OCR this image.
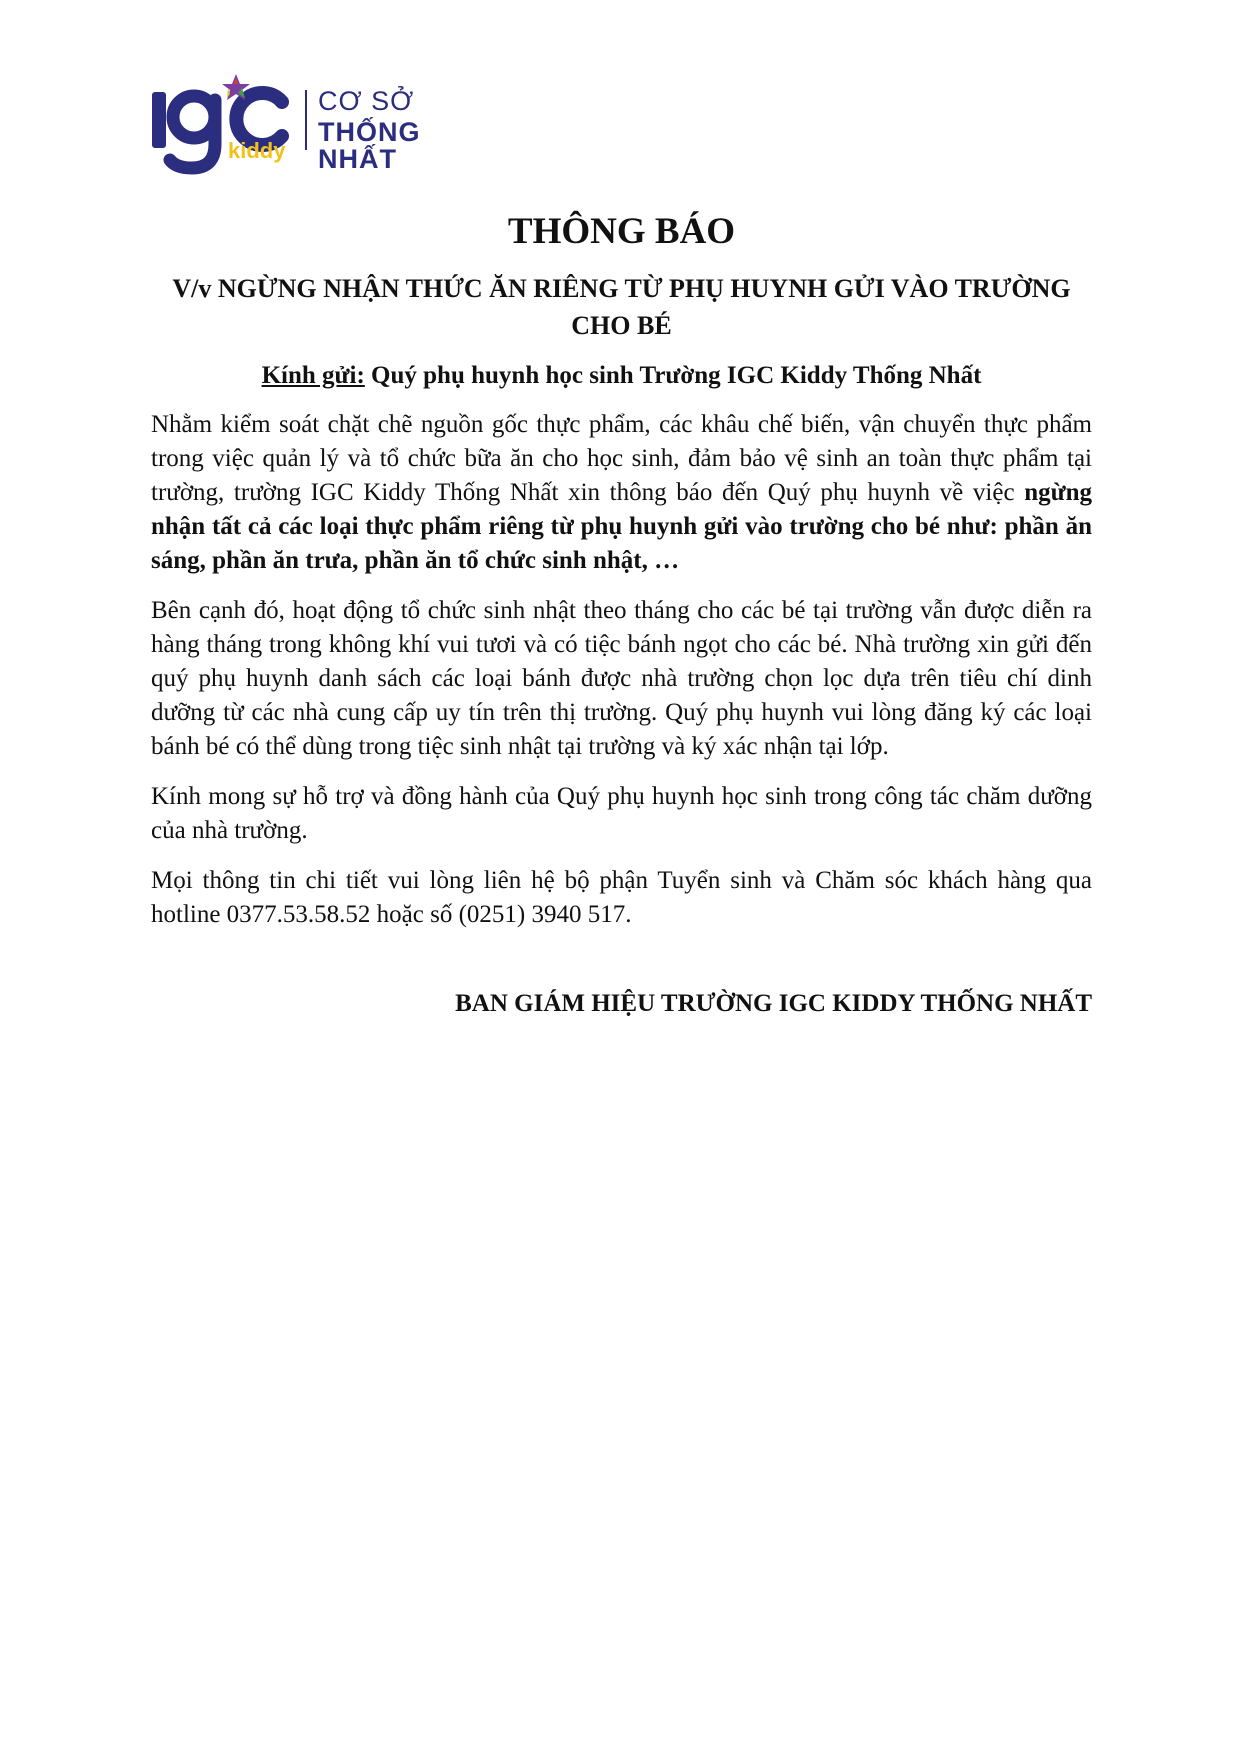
kiddy
CƠ SỞ
THỐNG NHẤT
THÔNG BÁO
V/v NGỪNG NHẬN THỨC ĂN RIÊNG TỪ PHỤ HUYNH GỬI VÀO TRƯỜNG CHO BÉ
Kính gửi: Quý phụ huynh học sinh Trường IGC Kiddy Thống Nhất

Nhằm kiểm soát chặt chẽ nguồn gốc thực phẩm, các khâu chế biến, vận chuyển thực phẩm trong việc quản lý và tổ chức bữa ăn cho học sinh, đảm bảo vệ sinh an toàn thực phẩm tại trường, trường IGC Kiddy Thống Nhất xin thông báo đến Quý phụ huynh về việc ngừng nhận tất cả các loại thực phẩm riêng từ phụ huynh gửi vào trường cho bé như: phần ăn sáng, phần ăn trưa, phần ăn tổ chức sinh nhật, …

Bên cạnh đó, hoạt động tổ chức sinh nhật theo tháng cho các bé tại trường vẫn được diễn ra hàng tháng trong không khí vui tươi và có tiệc bánh ngọt cho các bé. Nhà trường xin gửi đến quý phụ huynh danh sách các loại bánh được nhà trường chọn lọc dựa trên tiêu chí dinh dưỡng từ các nhà cung cấp uy tín trên thị trường. Quý phụ huynh vui lòng đăng ký các loại bánh bé có thể dùng trong tiệc sinh nhật tại trường và ký xác nhận tại lớp.

Kính mong sự hỗ trợ và đồng hành của Quý phụ huynh học sinh trong công tác chăm dưỡng của nhà trường.

Mọi thông tin chi tiết vui lòng liên hệ bộ phận Tuyển sinh và Chăm sóc khách hàng qua hotline 0377.53.58.52 hoặc số (0251) 3940 517.

BAN GIÁM HIỆU TRƯỜNG IGC KIDDY THỐNG NHẤT
